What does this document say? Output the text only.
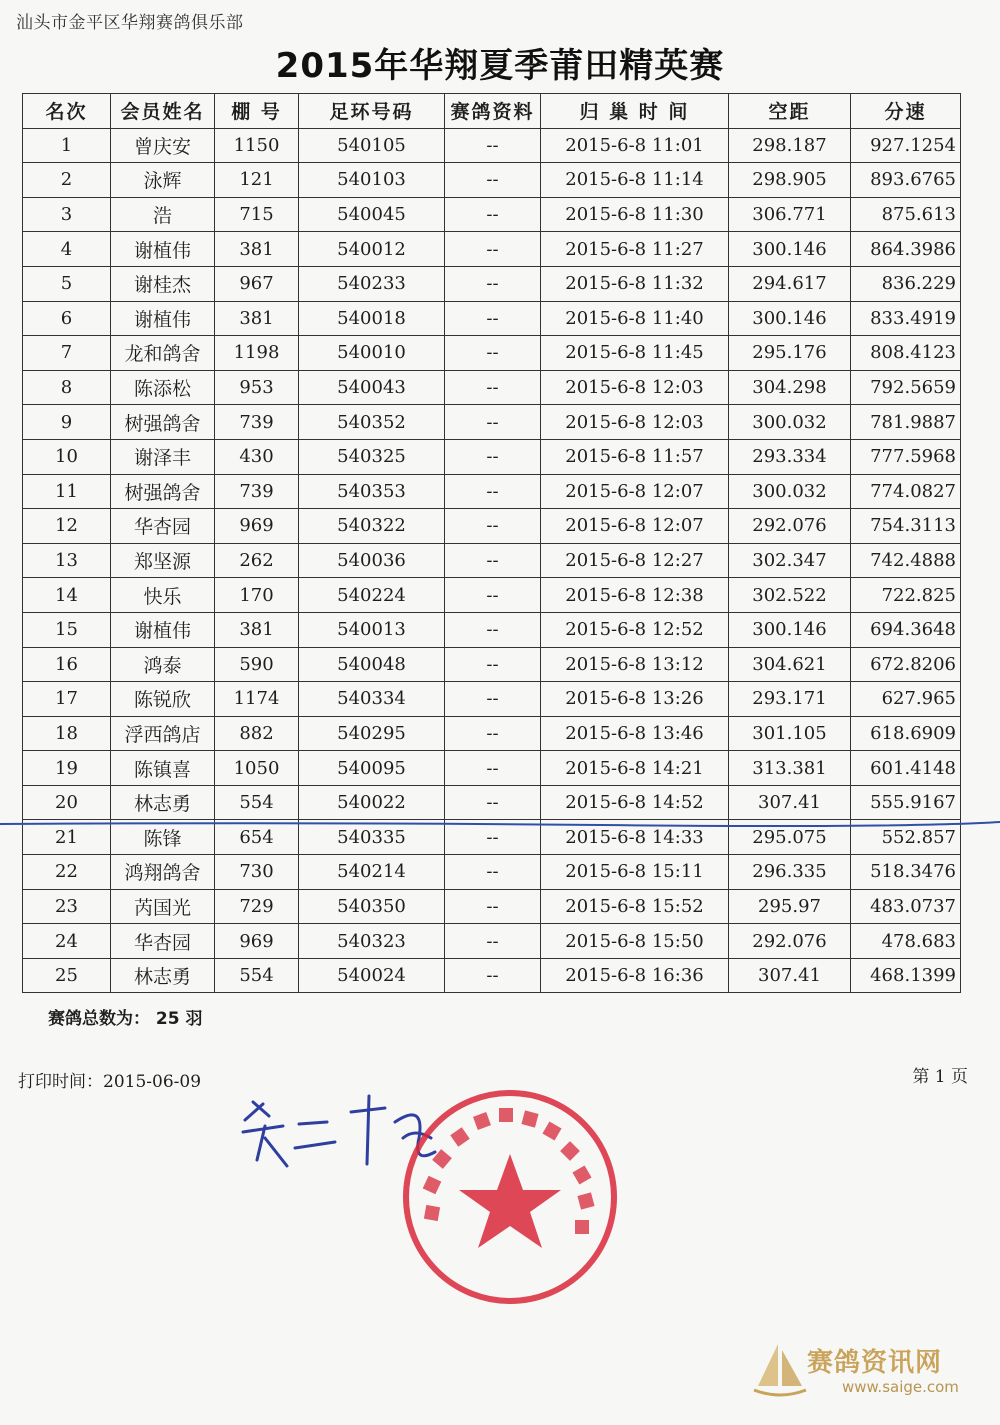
汕头市金平区华翔赛鸽俱乐部
2015年华翔夏季莆田精英赛
名次	会员姓名	棚 号	足环号码	赛鸽资料	归 巢 时 间	空距	分速
1	曾庆安	1150	540105	--	2015-6-8 11:01	298.187	927.1254
2	泳辉	121	540103	--	2015-6-8 11:14	298.905	893.6765
3	浩	715	540045	--	2015-6-8 11:30	306.771	875.613
4	谢植伟	381	540012	--	2015-6-8 11:27	300.146	864.3986
5	谢桂杰	967	540233	--	2015-6-8 11:32	294.617	836.229
6	谢植伟	381	540018	--	2015-6-8 11:40	300.146	833.4919
7	龙和鸽舍	1198	540010	--	2015-6-8 11:45	295.176	808.4123
8	陈添松	953	540043	--	2015-6-8 12:03	304.298	792.5659
9	树强鸽舍	739	540352	--	2015-6-8 12:03	300.032	781.9887
10	谢泽丰	430	540325	--	2015-6-8 11:57	293.334	777.5968
11	树强鸽舍	739	540353	--	2015-6-8 12:07	300.032	774.0827
12	华杏园	969	540322	--	2015-6-8 12:07	292.076	754.3113
13	郑坚源	262	540036	--	2015-6-8 12:27	302.347	742.4888
14	快乐	170	540224	--	2015-6-8 12:38	302.522	722.825
15	谢植伟	381	540013	--	2015-6-8 12:52	300.146	694.3648
16	鸿泰	590	540048	--	2015-6-8 13:12	304.621	672.8206
17	陈锐欣	1174	540334	--	2015-6-8 13:26	293.171	627.965
18	浮西鸽店	882	540295	--	2015-6-8 13:46	301.105	618.6909
19	陈镇喜	1050	540095	--	2015-6-8 14:21	313.381	601.4148
20	林志勇	554	540022	--	2015-6-8 14:52	307.41	555.9167
21	陈锋	654	540335	--	2015-6-8 14:33	295.075	552.857
22	鸿翔鸽舍	730	540214	--	2015-6-8 15:11	296.335	518.3476
23	芮国光	729	540350	--	2015-6-8 15:52	295.97	483.0737
24	华杏园	969	540323	--	2015-6-8 15:50	292.076	478.683
25	林志勇	554	540024	--	2015-6-8 16:36	307.41	468.1399
赛鸽总数为： 25 羽
打印时间：2015-06-09	第 1 页
赛鸽资讯网
www.saige.com
